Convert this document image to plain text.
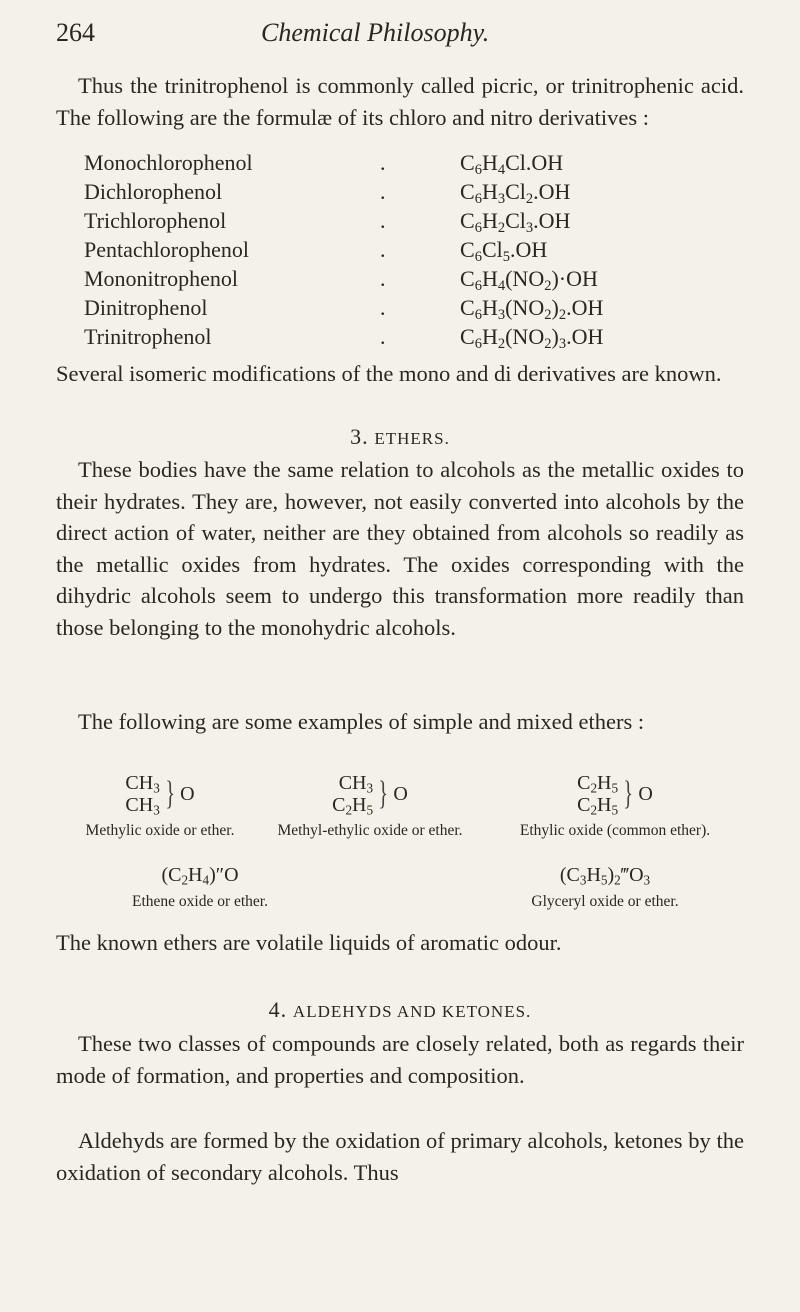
264	Chemical Philosophy.

Thus the trinitrophenol is commonly called picric, or trinitrophenic acid. The following are the formulæ of its chloro and nitro derivatives :

Monochlorophenol	.	$C_6H_4Cl.OH$
Dichlorophenol	.	$C_6H_3Cl_2.OH$
Trichlorophenol	.	$C_6H_2Cl_3.OH$
Pentachlorophenol	.	$C_6Cl_5.OH$
Mononitrophenol	.	$C_6H_4(NO_2)\cdot OH$
Dinitrophenol	.	$C_6H_3(NO_2)_2.OH$
Trinitrophenol	.	$C_6H_2(NO_2)_3.OH$

Several isomeric modifications of the mono and di derivatives are known.

3. ETHERS.

These bodies have the same relation to alcohols as the metallic oxides to their hydrates. They are, however, not easily converted into alcohols by the direct action of water, neither are they obtained from alcohols so readily as the metallic oxides from hydrates. The oxides corresponding with the dihydric alcohols seem to undergo this transformation more readily than those belonging to the monohydric alcohols.

The following are some examples of simple and mixed ethers :

$CH_3$
$CH_3$ } O
Methylic oxide or ether.
$CH_3$
$C_2H_5$ } O
Methyl-ethylic oxide or ether.
$C_2H_5$
$C_2H_5$ } O
Ethylic oxide (common ether).
$(C_2H_4)''O$
Ethene oxide or ether.
$(C_3H_5)_2‴O_3$
Glyceryl oxide or ether.

The known ethers are volatile liquids of aromatic odour.

4. ALDEHYDS AND KETONES.

These two classes of compounds are closely related, both as regards their mode of formation, and properties and composition.

Aldehyds are formed by the oxidation of primary alcohols, ketones by the oxidation of secondary alcohols. Thus
